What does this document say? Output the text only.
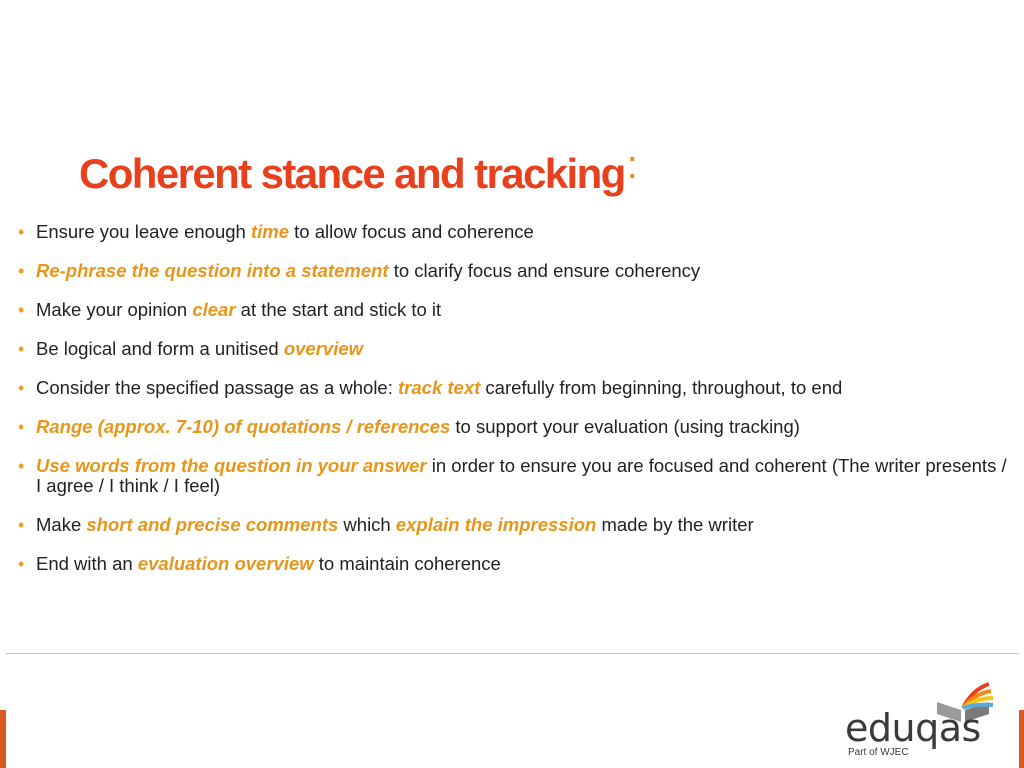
Coherent stance and tracking:
• Ensure you leave enough time to allow focus and coherence
• Re-phrase the question into a statement to clarify focus and ensure coherency
• Make your opinion clear at the start and stick to it
• Be logical and form a unitised overview
• Consider the specified passage as a whole: track text carefully from beginning, throughout, to end
• Range (approx. 7-10) of quotations / references to support your evaluation (using tracking)
• Use words from the question in your answer in order to ensure you are focused and coherent (The writer presents / I agree / I think / I feel)
• Make short and precise comments which explain the impression made by the writer
• End with an evaluation overview to maintain coherence
eduqas
Part of WJEC
